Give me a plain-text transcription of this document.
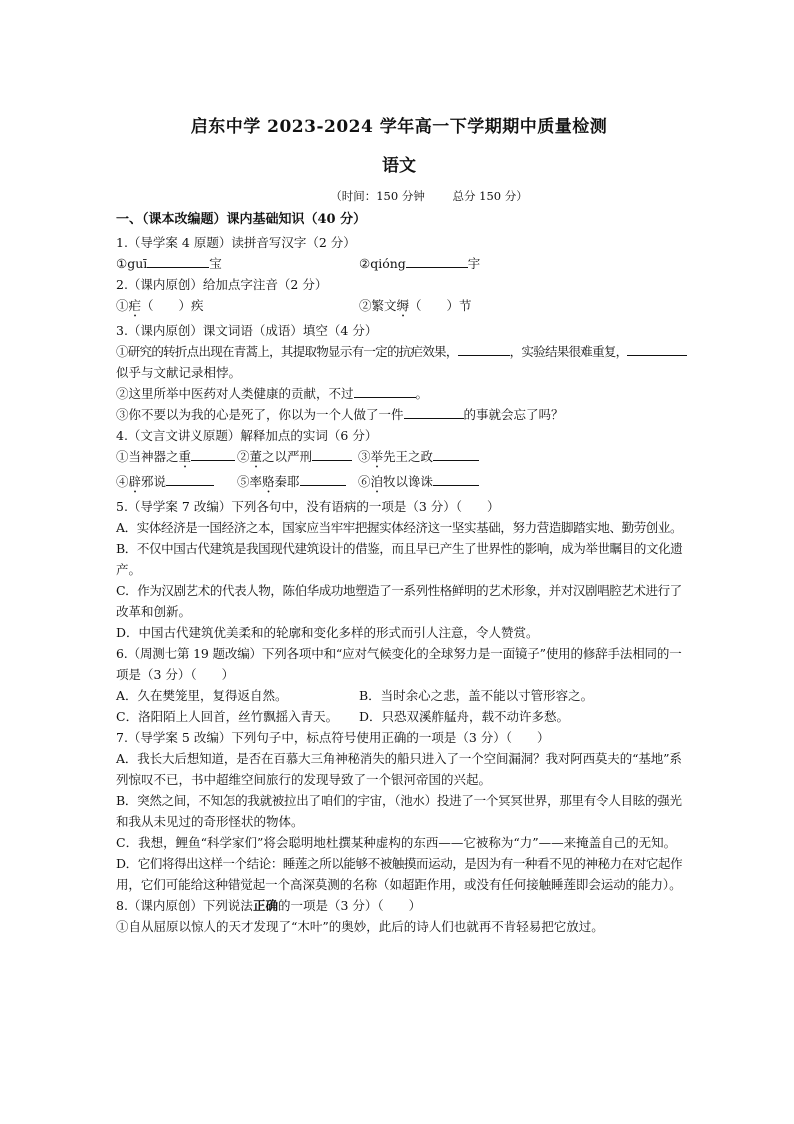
启东中学 2023-2024 学年高一下学期期中质量检测

语文

（时间：150 分钟 总分 150 分）

一、（课本改编题）课内基础知识（40 分）

1.（导学案 4 原题）读拼音写汉字（2 分）

①guī	宝	②qióng	宇

2.（课内原创）给加点字注音（2 分）

①疟（　　）疾	②繁文缛（　　）节

3.（课内原创）课文词语（成语）填空（4 分）

①研究的转折点出现在青蒿上，其提取物显示有一定的抗疟效果，	，实验结果很难重复，

似乎与文献记录相悖。

②这里所举中医药对人类健康的贡献，不过	。

③你不要以为我的心是死了，你以为一个人做了一件	的事就会忘了吗？

4.（文言文讲义原题）解释加点的实词（6 分）

①当神器之重	②董之以严刑	③举先王之政
④辟邪说	⑤率赂秦耶	⑥洎牧以谗诛

5.（导学案 7 改编）下列各句中，没有语病的一项是（3 分）（　　）

A．实体经济是一国经济之本，国家应当牢牢把握实体经济这一坚实基础，努力营造脚踏实地、勤劳创业。

B．不仅中国古代建筑是我国现代建筑设计的借鉴，而且早已产生了世界性的影响，成为举世瞩目的文化遗

产。

C．作为汉剧艺术的代表人物，陈伯华成功地塑造了一系列性格鲜明的艺术形象，并对汉剧唱腔艺术进行了

改革和创新。

D．中国古代建筑优美柔和的轮廓和变化多样的形式而引人注意，令人赞赏。

6.（周测七第 19 题改编）下列各项中和“应对气候变化的全球努力是一面镜子”使用的修辞手法相同的一

项是（3 分）（　　）

A．久在樊笼里，复得返自然。	B．当时余心之悲，盖不能以寸管形容之。
C．洛阳陌上人回首，丝竹飘摇入青天。	D．只恐双溪舴艋舟，载不动许多愁。

7.（导学案 5 改编）下列句子中，标点符号使用正确的一项是（3 分）（　　）

A．我长大后想知道，是否在百慕大三角神秘消失的船只进入了一个空间漏洞？我对阿西莫夫的“基地”系

列惊叹不已，书中超维空间旅行的发现导致了一个银河帝国的兴起。

B．突然之间，不知怎的我就被拉出了咱们的宇宙，（池水）投进了一个冥冥世界，那里有令人目眩的强光

和我从未见过的奇形怪状的物体。

C．我想，鲤鱼“科学家们”将会聪明地杜撰某种虚构的东西——它被称为“力”——来掩盖自己的无知。

D．它们将得出这样一个结论：睡莲之所以能够不被触摸而运动，是因为有一种看不见的神秘力在对它起作

用，它们可能给这种错觉起一个高深莫测的名称（如超距作用，或没有任何接触睡莲即会运动的能力）。

8.（课内原创）下列说法正确的一项是（3 分）（　　）

①自从屈原以惊人的天才发现了“木叶”的奥妙，此后的诗人们也就再不肯轻易把它放过。
